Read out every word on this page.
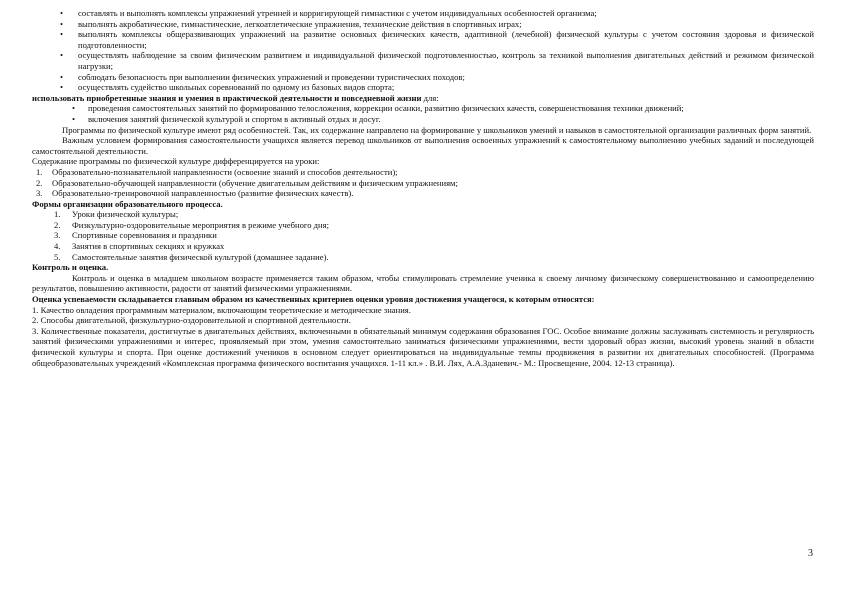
• составлять и выполнять комплексы упражнений утренней и корригирующей гимнастики с учетом индивидуальных особенностей организма;
• выполнять акробатические, гимнастические, легкоатлетические упражнения, технические действия в спортивных играх;
• выполнять комплексы общеразвивающих упражнений на развитие основных физических качеств, адаптивной (лечебной) физической культуры с учетом состояния здоровья и физической подготовленности;
• осуществлять наблюдение за своим физическим развитием и индивидуальной физической подготовленностью, контроль за техникой выполнения двигательных действий и режимом физической нагрузки;
• соблюдать безопасность при выполнении физических упражнений и проведении туристических походов;
• осуществлять судейство школьных соревнований по одному из базовых видов спорта;

использовать приобретенные знания и умения в практической деятельности и повседневной жизни для:

• проведения самостоятельных занятий по формированию телосложения, коррекции осанки, развитию физических качеств, совершенствования техники движений;
• включения занятий физической культурой и спортом в активный отдых и досуг.

Программы по физической культуре имеют ряд особенностей. Так, их содержание направлено на формирование у школьников умений и навыков в самостоятельной организации различных форм занятий.

Важным условием формирования самостоятельности учащихся является перевод школьников от выполнения освоенных упражнений к самостоятельному выполнению учебных заданий и последующей самостоятельной деятельности.

Содержание программы по физической культуре дифференцируется на уроки:

1. Образовательно-познавательной направленности (освоение знаний и способов деятельности);
2. Образовательно-обучающей направленности (обучение двигательным действиям и физическим упражнениям;
3. Образовательно-тренировочной направленностью (развитие физических качеств).

Формы организации образовательного процесса.

1. Уроки физической культуры;
2. Физкультурно-оздоровительные мероприятия в режиме учебного дня;
3. Спортивные соревнования и праздники
4. Занятия в спортивных секциях и кружках
5. Самостоятельные занятия физической культурой (домашнее задание).

Контроль и оценка.

Контроль и оценка в младшем школьном возрасте применяется таким образом, чтобы стимулировать стремление ученика к своему личному физическому совершенствованию и самоопределению результатов, повышению активности, радости от занятий физическими упражнениями.

Оценка успеваемости складывается главным образом из качественных критериев оценки уровня достижения учащегося, к которым относятся:

1. Качество овладения программным материалом, включающим теоретические и методические знания.

2. Способы двигательной, физкультурно-оздоровительной и спортивной деятельности.

3. Количественные показатели, достигнутые в двигательных действиях, включенными в обязательный минимум содержания образования ГОС. Особое внимание должны заслуживать системность и регулярность занятий физическими упражнениями и интерес, проявляемый при этом, умения самостоятельно заниматься физическими упражнениями, вести здоровый образ жизни, высокий уровень знаний в области физической культуры и спорта. При оценке достижений учеников в основном следует ориентироваться на индивидуальные темпы продвижения в развитии их двигательных способностей. (Программа общеобразовательных учреждений «Комплексная программа физического воспитания учащихся. 1-11 кл.» . В.И. Лях, А.А.Зданевич.- М.: Просвещение, 2004. 12-13 страница).

3
